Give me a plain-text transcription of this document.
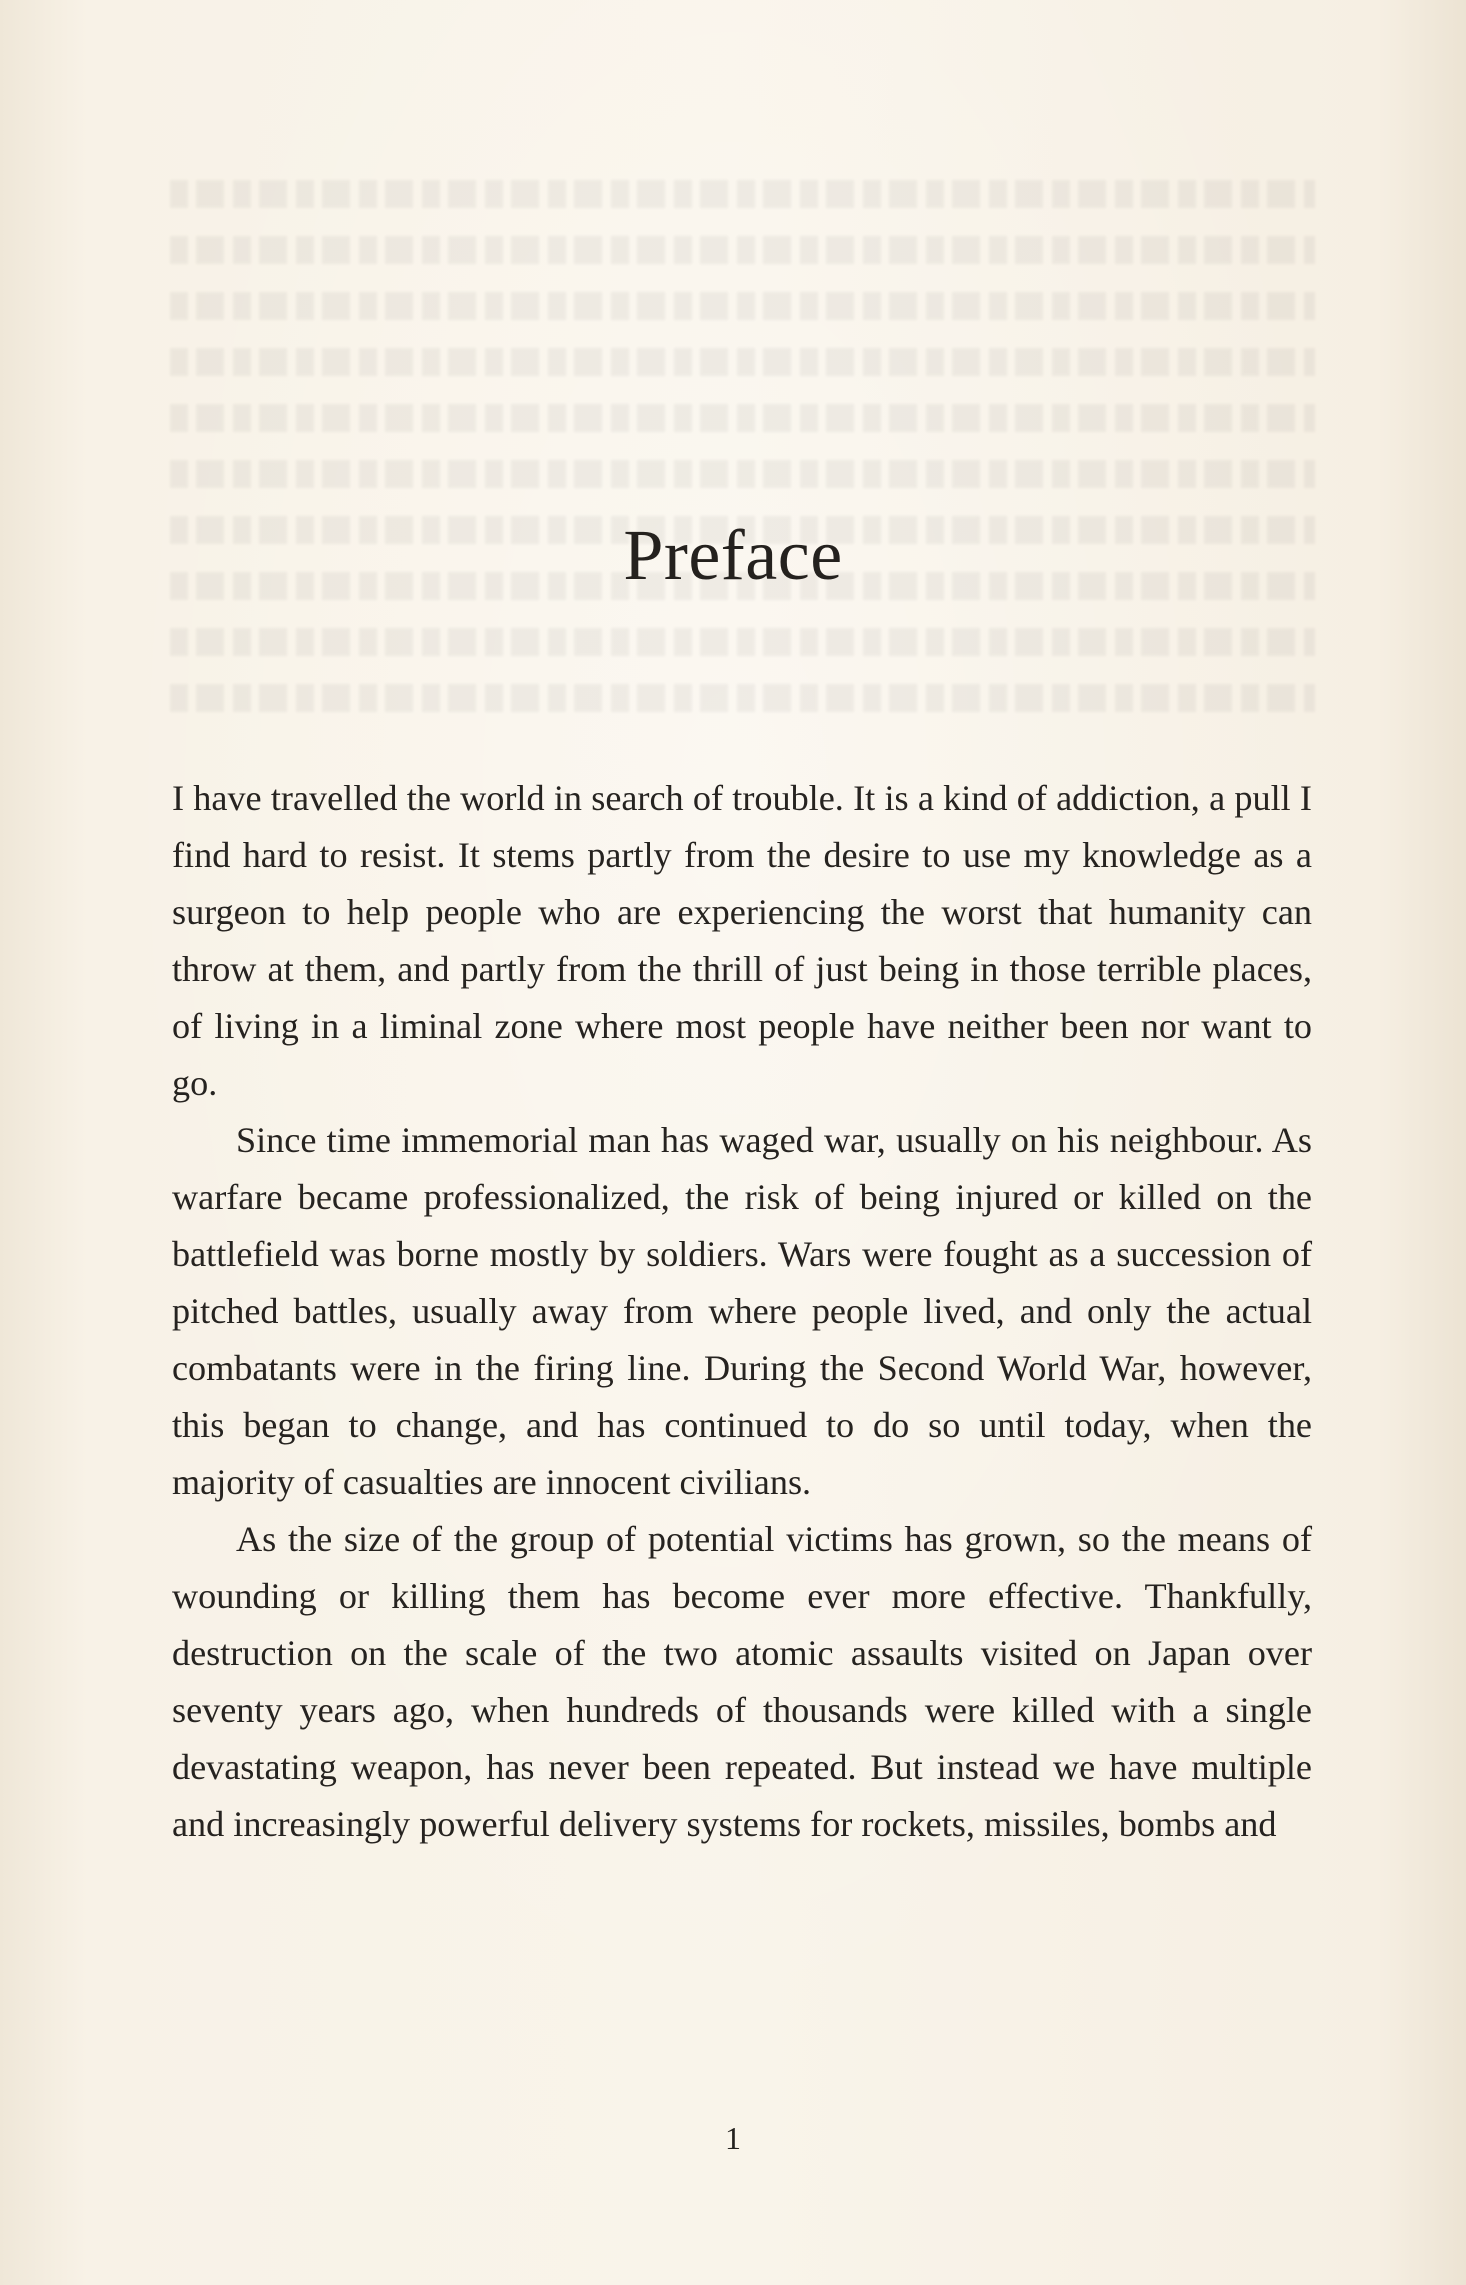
Preface

I have travelled the world in search of trouble. It is a kind of addiction, a pull I find hard to resist. It stems partly from the desire to use my knowledge as a surgeon to help people who are experiencing the worst that humanity can throw at them, and partly from the thrill of just being in those terrible places, of living in a liminal zone where most people have neither been nor want to go.

Since time immemorial man has waged war, usually on his neighbour. As warfare became professionalized, the risk of being injured or killed on the battlefield was borne mostly by soldiers. Wars were fought as a succession of pitched battles, usually away from where people lived, and only the actual combatants were in the firing line. During the Second World War, however, this began to change, and has continued to do so until today, when the majority of casualties are innocent civilians.

As the size of the group of potential victims has grown, so the means of wounding or killing them has become ever more effective. Thankfully, destruction on the scale of the two atomic assaults visited on Japan over seventy years ago, when hundreds of thousands were killed with a single devastating weapon, has never been repeated. But instead we have multiple and increasingly powerful delivery systems for rockets, missiles, bombs and

1
